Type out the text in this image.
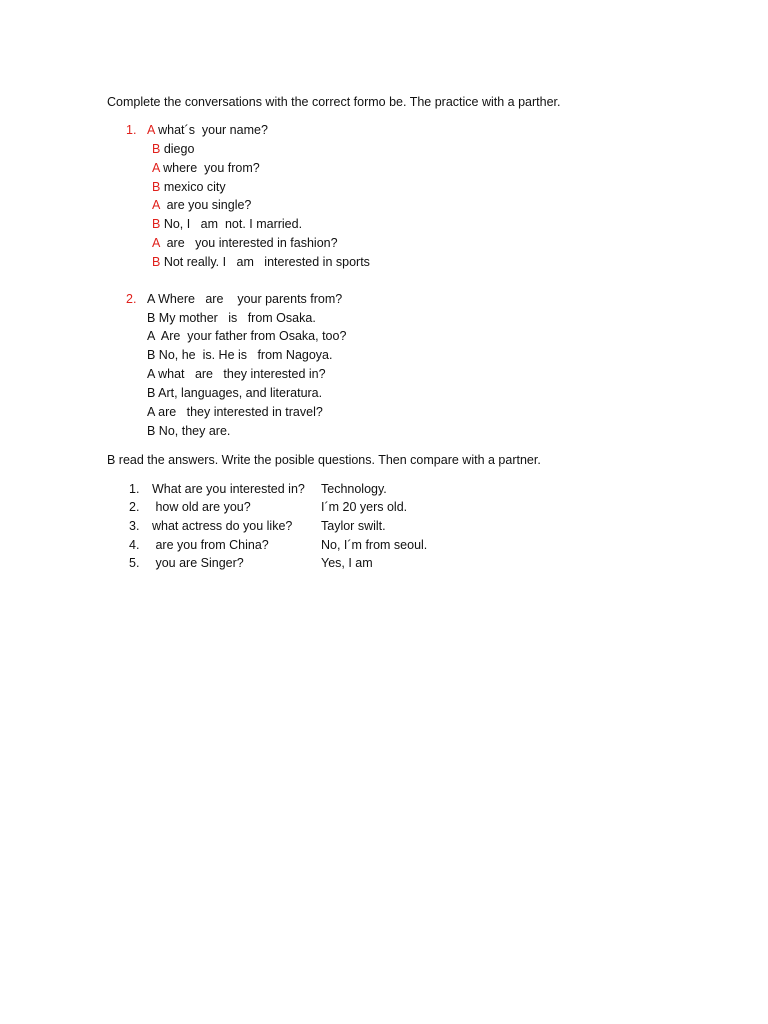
Complete the conversations with the correct formo be. The practice with a parther.
1. A what´s  your name?
B diego
A where  you from?
B mexico city
A  are you single?
B No, I   am  not. I married.
A  are   you interested in fashion?
B Not really. I   am   interested in sports
2. A Where   are    your parents from?
B My mother   is   from Osaka.
A  Are  your father from Osaka, too?
B No, he  is. He is   from Nagoya.
A what   are   they interested in?
B Art, languages, and literatura.
A are   they interested in travel?
B No, they are.
B read the answers. Write the posible questions. Then compare with a partner.
1. What are you interested in? Technology.
2. how old are you?	I´m 20 yers old.
3. what actress do you like? Taylor swilt.
4. are you from China?	No, I´m from seoul.
5. you are Singer?	Yes, I am
